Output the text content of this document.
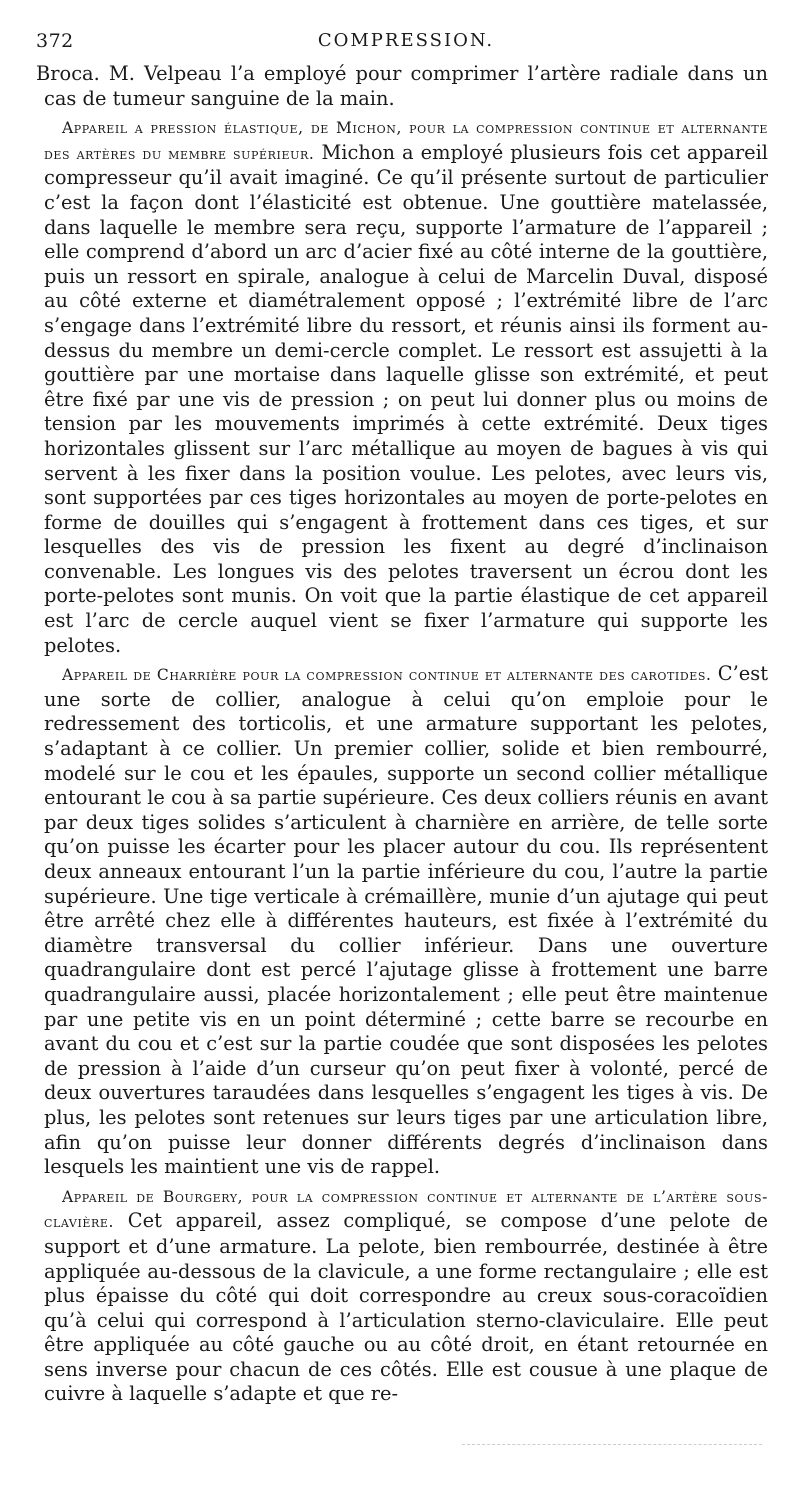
372	COMPRESSION.

Broca. M. Velpeau l’a employé pour comprimer l’artère radiale dans un cas de tumeur sanguine de la main.

Appareil a pression élastique, de Michon, pour la compression continue et alternante des artères du membre supérieur. Michon a employé plusieurs fois cet appareil compresseur qu’il avait imaginé. Ce qu’il présente surtout de particulier c’est la façon dont l’élasticité est obtenue. Une gouttière matelassée, dans laquelle le membre sera reçu, supporte l’armature de l’appareil ; elle comprend d’abord un arc d’acier fixé au côté interne de la gouttière, puis un ressort en spirale, analogue à celui de Marcelin Duval, disposé au côté externe et diamétralement opposé ; l’extrémité libre de l’arc s’engage dans l’extrémité libre du ressort, et réunis ainsi ils forment au-dessus du membre un demi-cercle complet. Le ressort est assujetti à la gouttière par une mortaise dans laquelle glisse son extrémité, et peut être fixé par une vis de pression ; on peut lui donner plus ou moins de tension par les mouvements imprimés à cette extrémité. Deux tiges horizontales glissent sur l’arc métallique au moyen de bagues à vis qui servent à les fixer dans la position voulue. Les pelotes, avec leurs vis, sont supportées par ces tiges horizontales au moyen de porte-pelotes en forme de douilles qui s’engagent à frottement dans ces tiges, et sur lesquelles des vis de pression les fixent au degré d’inclinaison convenable. Les longues vis des pelotes traversent un écrou dont les porte-pelotes sont munis. On voit que la partie élastique de cet appareil est l’arc de cercle auquel vient se fixer l’armature qui supporte les pelotes.

Appareil de Charrière pour la compression continue et alternante des carotides. C’est une sorte de collier, analogue à celui qu’on emploie pour le redressement des torticolis, et une armature supportant les pelotes, s’adaptant à ce collier. Un premier collier, solide et bien rembourré, modelé sur le cou et les épaules, supporte un second collier métallique entourant le cou à sa partie supérieure. Ces deux colliers réunis en avant par deux tiges solides s’articulent à charnière en arrière, de telle sorte qu’on puisse les écarter pour les placer autour du cou. Ils représentent deux anneaux entourant l’un la partie inférieure du cou, l’autre la partie supérieure. Une tige verticale à crémaillère, munie d’un ajutage qui peut être arrêté chez elle à différentes hauteurs, est fixée à l’extrémité du diamètre transversal du collier inférieur. Dans une ouverture quadrangulaire dont est percé l’ajutage glisse à frottement une barre quadrangulaire aussi, placée horizontalement ; elle peut être maintenue par une petite vis en un point déterminé ; cette barre se recourbe en avant du cou et c’est sur la partie coudée que sont disposées les pelotes de pression à l’aide d’un curseur qu’on peut fixer à volonté, percé de deux ouvertures taraudées dans lesquelles s’engagent les tiges à vis. De plus, les pelotes sont retenues sur leurs tiges par une articulation libre, afin qu’on puisse leur donner différents degrés d’inclinaison dans lesquels les maintient une vis de rappel.

Appareil de Bourgery, pour la compression continue et alternante de l’artère sous-clavière. Cet appareil, assez compliqué, se compose d’une pelote de support et d’une armature. La pelote, bien rembourrée, destinée à être appliquée au-dessous de la clavicule, a une forme rectangulaire ; elle est plus épaisse du côté qui doit correspondre au creux sous-coracoïdien qu’à celui qui correspond à l’articulation sterno-claviculaire. Elle peut être appliquée au côté gauche ou au côté droit, en étant retournée en sens inverse pour chacun de ces côtés. Elle est cousue à une plaque de cuivre à laquelle s’adapte et que re-
